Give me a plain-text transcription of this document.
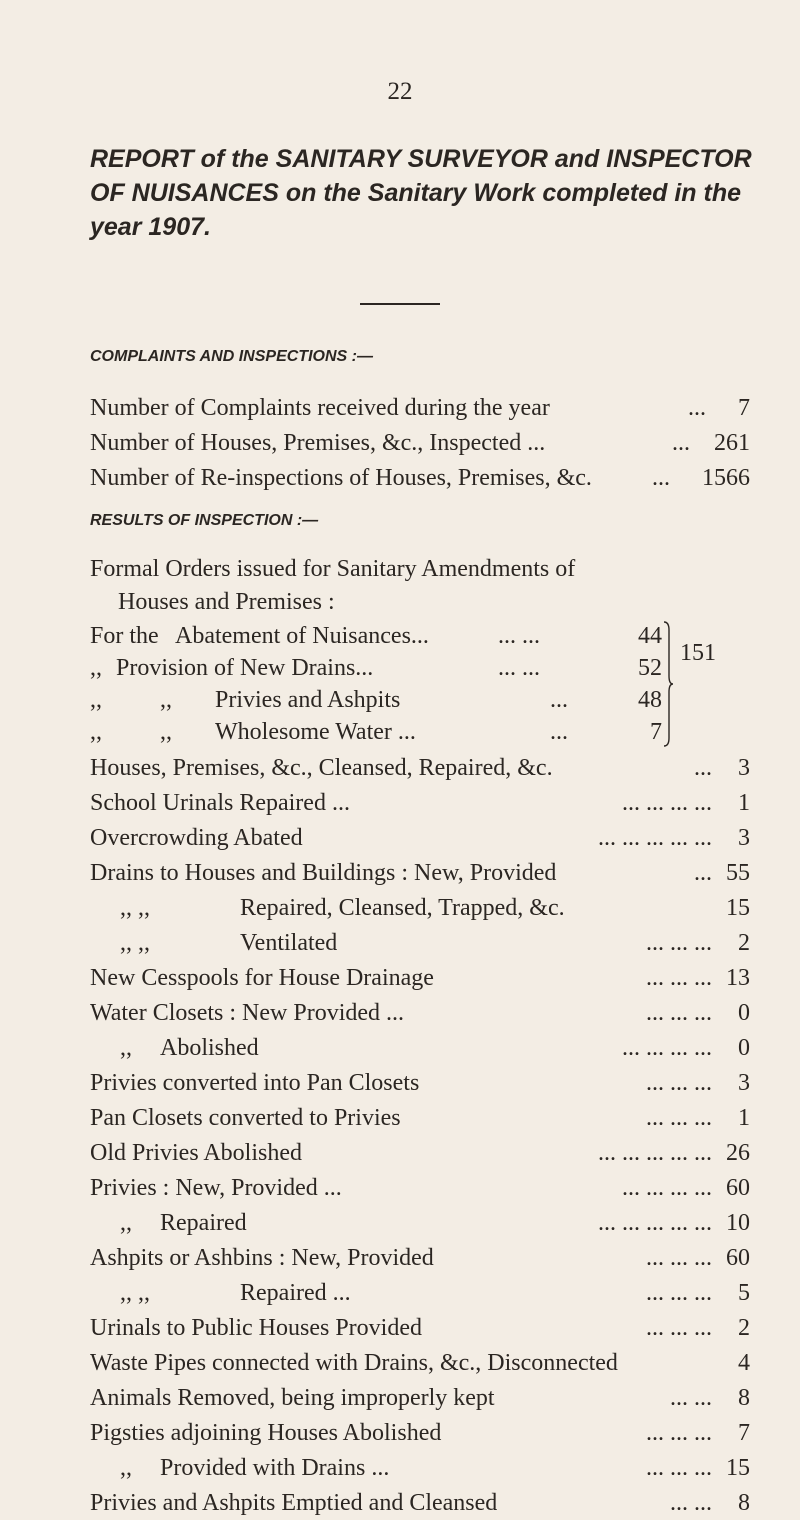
22
REPORT of the SANITARY SURVEYOR and INSPECTOR OF NUISANCES on the Sanitary Work completed in the year 1907.
COMPLAINTS AND INSPECTIONS :—
Number of Complaints received during the year	... 7
Number of Houses, Premises, &c., Inspected ...	... 261
Number of Re-inspections of Houses, Premises, &c.	... 1566
RESULTS OF INSPECTION :—
Formal Orders issued for Sanitary Amendments of
Houses and Premises :
For the Abatement of Nuisances...	... ...	44
,, Provision of New Drains...	... ...	52
,, ,, Privies and Ashpits	...	48
,, ,, Wholesome Water ...	...	7
151
Houses, Premises, &c., Cleansed, Repaired, &c.	... 3
School Urinals Repaired ...	... ... ... ... 1
Overcrowding Abated	... ... ... ... ... 3
Drains to Houses and Buildings : New, Provided	... 55
,, ,,	Repaired, Cleansed, Trapped, &c.	15
,, ,,	Ventilated	... ... ... 2
New Cesspools for House Drainage	... ... ... 13
Water Closets : New Provided ...	... ... ... 0
,, Abolished	... ... ... ... 0
Privies converted into Pan Closets	... ... ... 3
Pan Closets converted to Privies	... ... ... 1
Old Privies Abolished	... ... ... ... ... 26
Privies : New, Provided ...	... ... ... ... 60
,, Repaired	... ... ... ... ... 10
Ashpits or Ashbins : New, Provided	... ... ... 60
,, ,,	Repaired ...	... ... ... 5
Urinals to Public Houses Provided	... ... ... 2
Waste Pipes connected with Drains, &c., Disconnected	4
Animals Removed, being improperly kept	... ... 8
Pigsties adjoining Houses Abolished	... ... ... 7
,, Provided with Drains ...	... ... ... 15
Privies and Ashpits Emptied and Cleansed	... ... 8
